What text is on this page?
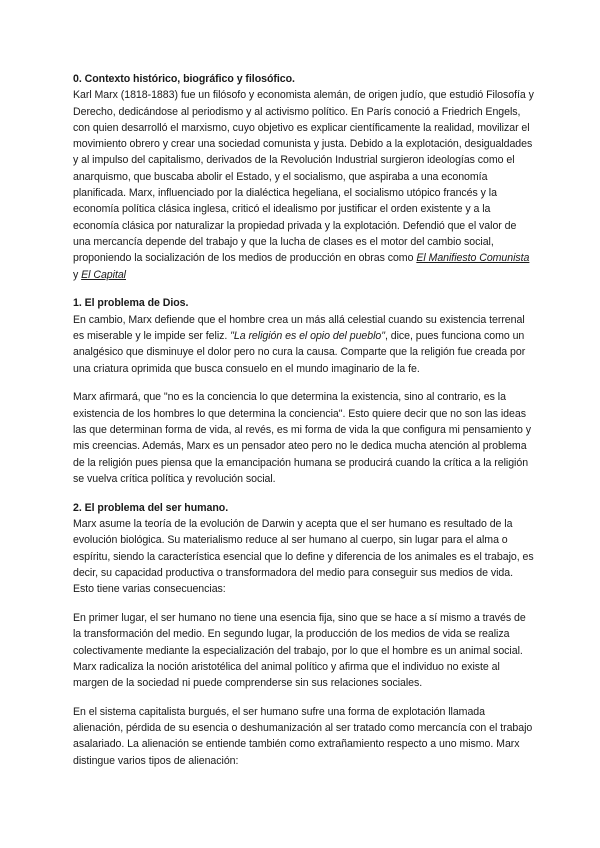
0. Contexto histórico, biográfico y filosófico.

Karl Marx (1818-1883) fue un filósofo y economista alemán, de origen judío, que estudió Filosofía y Derecho, dedicándose al periodismo y al activismo político. En París conoció a Friedrich Engels, con quien desarrolló el marxismo, cuyo objetivo es explicar científicamente la realidad, movilizar el movimiento obrero y crear una sociedad comunista y justa. Debido a la explotación, desigualdades y al impulso del capitalismo, derivados de la Revolución Industrial surgieron ideologías como el anarquismo, que buscaba abolir el Estado, y el socialismo, que aspiraba a una economía planificada. Marx, influenciado por la dialéctica hegeliana, el socialismo utópico francés y la economía política clásica inglesa, criticó el idealismo por justificar el orden existente y a la economía clásica por naturalizar la propiedad privada y la explotación. Defendió que el valor de una mercancía depende del trabajo y que la lucha de clases es el motor del cambio social, proponiendo la socialización de los medios de producción en obras como El Manifiesto Comunista y El Capital

1. El problema de Dios.

En cambio, Marx defiende que el hombre crea un más allá celestial cuando su existencia terrenal es miserable y le impide ser feliz. "La religión es el opio del pueblo", dice, pues funciona como un analgésico que disminuye el dolor pero no cura la causa. Comparte que la religión fue creada por una criatura oprimida que busca consuelo en el mundo imaginario de la fe.

Marx afirmará, que "no es la conciencia lo que determina la existencia, sino al contrario, es la existencia de los hombres lo que determina la conciencia". Esto quiere decir que no son las ideas las que determinan forma de vida, al revés, es mi forma de vida la que configura mi pensamiento y mis creencias. Además, Marx es un pensador ateo pero no le dedica mucha atención al problema de la religión pues piensa que la emancipación humana se producirá cuando la crítica a la religión se vuelva crítica política y revolución social.

2. El problema del ser humano.

Marx asume la teoría de la evolución de Darwin y acepta que el ser humano es resultado de la evolución biológica. Su materialismo reduce al ser humano al cuerpo, sin lugar para el alma o espíritu, siendo la característica esencial que lo define y diferencia de los animales es el trabajo, es decir, su capacidad productiva o transformadora del medio para conseguir sus medios de vida. Esto tiene varias consecuencias:

En primer lugar, el ser humano no tiene una esencia fija, sino que se hace a sí mismo a través de la transformación del medio. En segundo lugar, la producción de los medios de vida se realiza colectivamente mediante la especialización del trabajo, por lo que el hombre es un animal social. Marx radicaliza la noción aristotélica del animal político y afirma que el individuo no existe al margen de la sociedad ni puede comprenderse sin sus relaciones sociales.

En el sistema capitalista burgués, el ser humano sufre una forma de explotación llamada alienación, pérdida de su esencia o deshumanización al ser tratado como mercancía con el trabajo asalariado. La alienación se entiende también como extrañamiento respecto a uno mismo. Marx distingue varios tipos de alienación:
